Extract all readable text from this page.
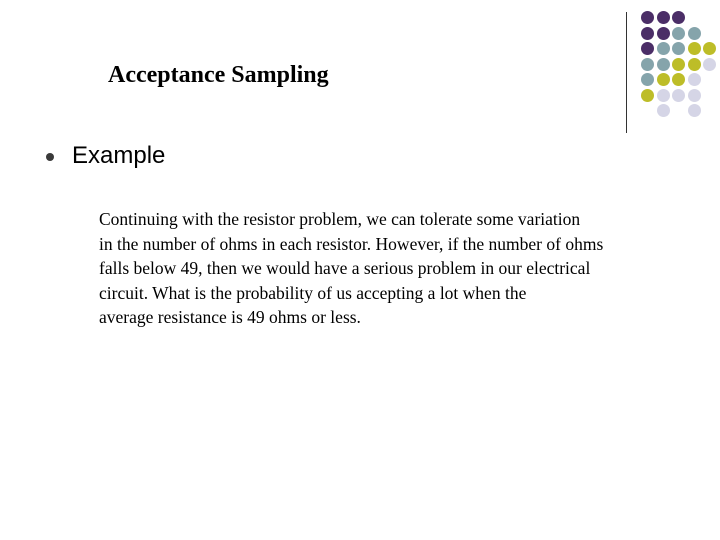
Acceptance Sampling
Example
Continuing with the resistor problem, we can tolerate some variation
in the number of ohms in each resistor. However, if the number of ohms
falls below 49, then we would have a serious problem in our electrical
circuit. What is the probability of us accepting a lot when the
average resistance is 49 ohms or less.
